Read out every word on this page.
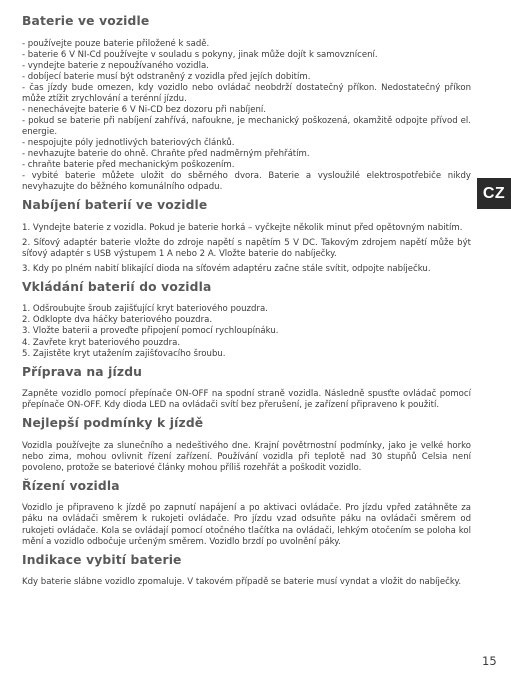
Baterie ve vozidle
- používejte pouze baterie přiložené k sadě.
- baterie 6 V NI-Cd používejte v souladu s pokyny, jinak může dojít k samovznícení.
- vyndejte baterie z nepoužívaného vozidla.
- dobíjecí baterie musí být odstraněný z vozidla před jejích dobitím.
- čas jízdy bude omezen, kdy vozidlo nebo ovládač neobdrží dostatečný příkon. Nedostatečný příkon může ztížit zrychlování a terénní jízdu.
- nenechávejte baterie 6 V Ni-CD bez dozoru při nabíjení.
- pokud se baterie při nabíjení zahřívá, nafoukne, je mechanický poškozená, okamžitě odpojte přívod el. energie.
- nespojujte póly jednotlivých bateriových článků.
- nevhazujte baterie do ohně. Chraňte před nadměrným přehřátím.
- chraňte baterie před mechanickým poškozením.
- vybité baterie můžete uložit do sběrného dvora. Baterie a vysloužilé elektrospotřebiče nikdy nevyhazujte do běžného komunálního odpadu.
Nabíjení baterií ve vozidle
1. Vyndejte baterie z vozidla. Pokud je baterie horká – vyčkejte několik minut před opětovným nabitím.
2. Síťový adaptér baterie vložte do zdroje napětí s napětím 5 V DC. Takovým zdrojem napětí může být síťový adaptér s USB výstupem 1 A nebo 2 A. Vložte baterie do nabíječky.
3. Kdy po plném nabití blikající dioda na síťovém adaptéru začne stále svítit, odpojte nabíječku.
Vkládání baterií do vozidla
1. Odšroubujte šroub zajišťující kryt bateriového pouzdra.
2. Odklopte dva háčky bateriového pouzdra.
3. Vložte baterii a proveďte připojení pomocí rychloupínáku.
4. Zavřete kryt bateriového pouzdra.
5. Zajistěte kryt utažením zajišťovacího šroubu.
Příprava na jízdu
Zapněte vozidlo pomocí přepínače ON-OFF na spodní straně vozidla. Následně spusťte ovládač pomocí přepínače ON-OFF. Kdy dioda LED na ovládači svítí bez přerušení, je zařízení připraveno k použití.
Nejlepší podmínky k jízdě
Vozidla používejte za slunečního a nedeštivého dne. Krajní povětrnostní podmínky, jako je velké horko nebo zima, mohou ovlivnit řízení zařízení. Používání vozidla při teplotě nad 30 stupňů Celsia není povoleno, protože se bateriové články mohou příliš rozehřát a poškodit vozidlo.
Řízení vozidla
Vozidlo je připraveno k jízdě po zapnutí napájení a po aktivaci ovládače. Pro jízdu vpřed zatáhněte za páku na ovládači směrem k rukojeti ovládače. Pro jízdu vzad odsuňte páku na ovládači směrem od rukojeti ovládače. Kola se ovládají pomocí otočného tlačítka na ovládači, lehkým otočením se poloha kol mění a vozidlo odbočuje určeným směrem. Vozidlo brzdí po uvolnění páky.
Indikace vybití baterie
Kdy baterie slábne vozidlo zpomaluje. V takovém případě se baterie musí vyndat a vložit do nabíječky.
CZ
15
